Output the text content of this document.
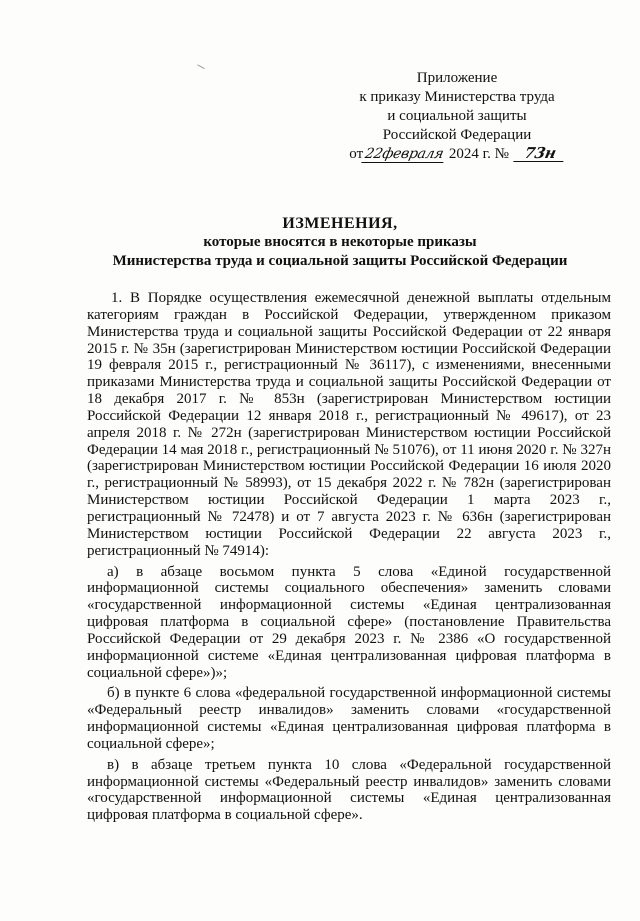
Приложение
к приказу Министерства труда
и социальной защиты
Российской Федерации
от22февраля 2024 г. № 73н
ИЗМЕНЕНИЯ,
которые вносятся в некоторые приказы
Министерства труда и социальной защиты Российской Федерации

1. В Порядке осуществления ежемесячной денежной выплаты отдельным категориям граждан в Российской Федерации, утвержденном приказом Министерства труда и социальной защиты Российской Федерации от 22 января 2015 г. № 35н (зарегистрирован Министерством юстиции Российской Федерации 19 февраля 2015 г., регистрационный № 36117), с изменениями, внесенными приказами Министерства труда и социальной защиты Российской Федерации от 18 декабря 2017 г. № 853н (зарегистрирован Министерством юстиции Российской Федерации 12 января 2018 г., регистрационный № 49617), от 23 апреля 2018 г. № 272н (зарегистрирован Министерством юстиции Российской Федерации 14 мая 2018 г., регистрационный № 51076), от 11 июня 2020 г. № 327н (зарегистрирован Министерством юстиции Российской Федерации 16 июля 2020 г., регистрационный № 58993), от 15 декабря 2022 г. № 782н (зарегистрирован Министерством юстиции Российской Федерации 1 марта 2023 г., регистрационный № 72478) и от 7 августа 2023 г. № 636н (зарегистрирован Министерством юстиции Российской Федерации 22 августа 2023 г., регистрационный № 74914):

а) в абзаце восьмом пункта 5 слова «Единой государственной информационной системы социального обеспечения» заменить словами «государственной информационной системы «Единая централизованная цифровая платформа в социальной сфере» (постановление Правительства Российской Федерации от 29 декабря 2023 г. № 2386 «О государственной информационной системе «Единая централизованная цифровая платформа в социальной сфере»)»;

б) в пункте 6 слова «федеральной государственной информационной системы «Федеральный реестр инвалидов» заменить словами «государственной информационной системы «Единая централизованная цифровая платформа в социальной сфере»;

в) в абзаце третьем пункта 10 слова «Федеральной государственной информационной системы «Федеральный реестр инвалидов» заменить словами «государственной информационной системы «Единая централизованная цифровая платформа в социальной сфере».
